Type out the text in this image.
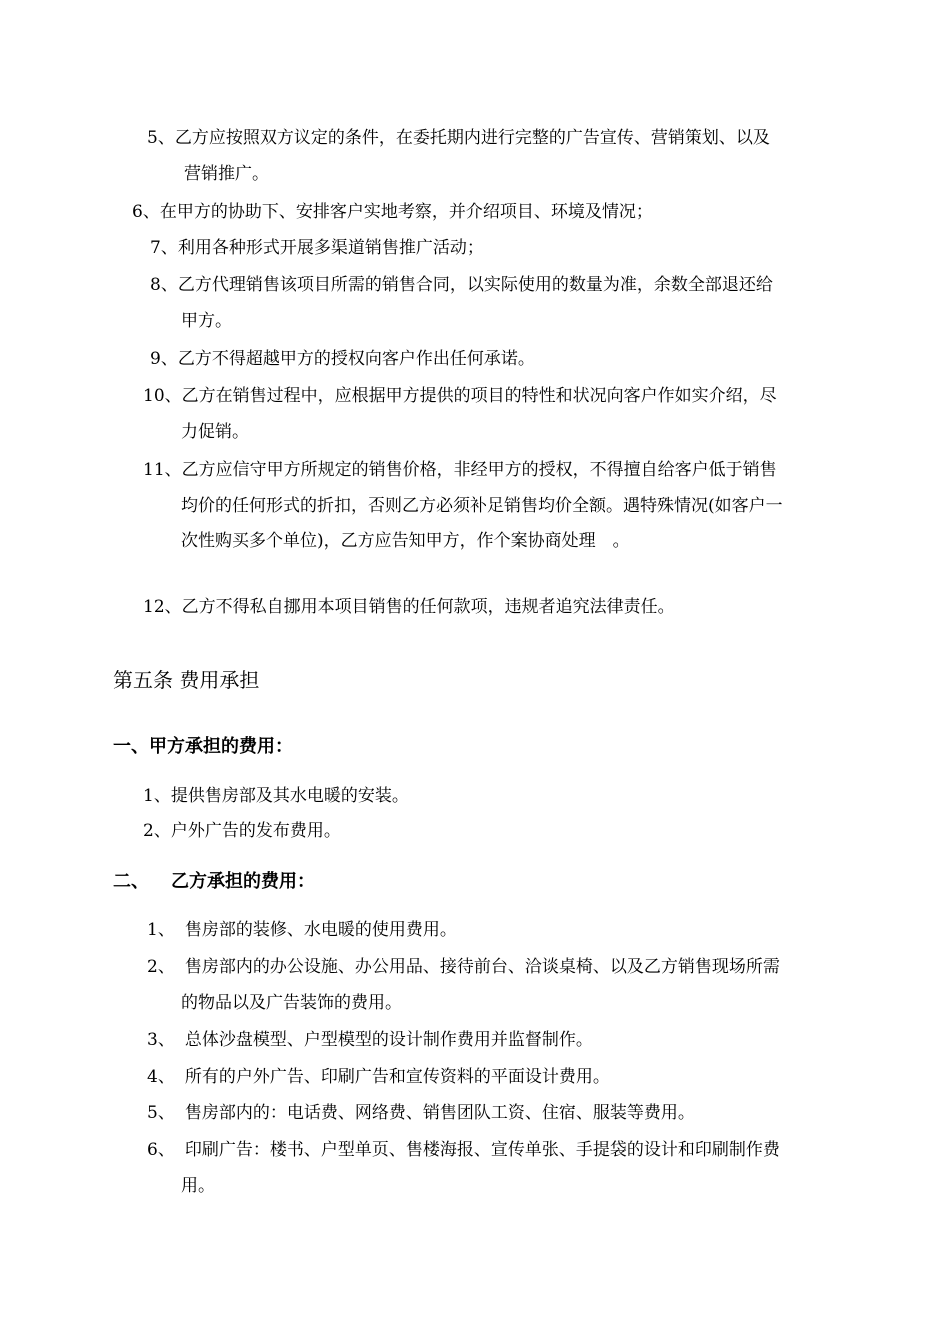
5、乙方应按照双方议定的条件，在委托期内进行完整的广告宣传、营销策划、以及
营销推广。
6、在甲方的协助下、安排客户实地考察，并介绍项目、环境及情况；
7、利用各种形式开展多渠道销售推广活动；
8、乙方代理销售该项目所需的销售合同，以实际使用的数量为准，余数全部退还给
甲方。
9、乙方不得超越甲方的授权向客户作出任何承诺。
10、乙方在销售过程中，应根据甲方提供的项目的特性和状况向客户作如实介绍，尽
力促销。
11、乙方应信守甲方所规定的销售价格，非经甲方的授权，不得擅自给客户低于销售
均价的任何形式的折扣，否则乙方必须补足销售均价全额。遇特殊情况(如客户一
次性购买多个单位)，乙方应告知甲方，作个案协商处理　。
12、乙方不得私自挪用本项目销售的任何款项，违规者追究法律责任。
第五条 费用承担
一、甲方承担的费用：
1、提供售房部及其水电暖的安装。
2、户外广告的发布费用。
二、 乙方承担的费用：
1、 售房部的装修、水电暖的使用费用。
2、 售房部内的办公设施、办公用品、接待前台、洽谈桌椅、以及乙方销售现场所需
的物品以及广告装饰的费用。
3、 总体沙盘模型、户型模型的设计制作费用并监督制作。
4、 所有的户外广告、印刷广告和宣传资料的平面设计费用。
5、 售房部内的：电话费、网络费、销售团队工资、住宿、服装等费用。
6、 印刷广告：楼书、户型单页、售楼海报、宣传单张、手提袋的设计和印刷制作费
用。
